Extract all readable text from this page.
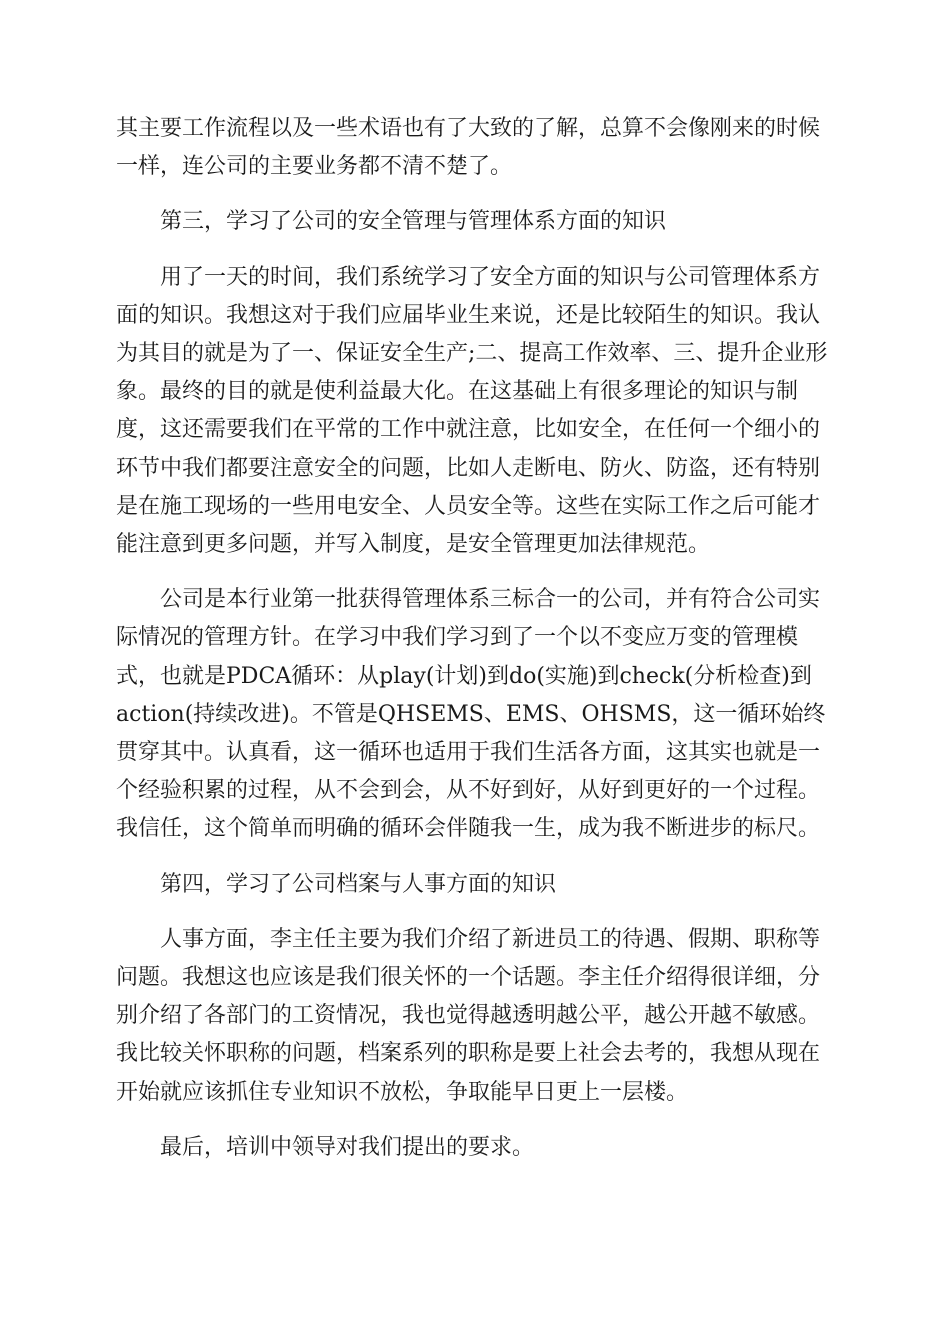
其主要工作流程以及一些术语也有了大致的了解，总算不会像刚来的时候一样，连公司的主要业务都不清不楚了。
第三，学习了公司的安全管理与管理体系方面的知识
用了一天的时间，我们系统学习了安全方面的知识与公司管理体系方面的知识。我想这对于我们应届毕业生来说，还是比较陌生的知识。我认为其目的就是为了一、保证安全生产;二、提高工作效率、三、提升企业形象。最终的目的就是使利益最大化。在这基础上有很多理论的知识与制度，这还需要我们在平常的工作中就注意，比如安全，在任何一个细小的环节中我们都要注意安全的问题，比如人走断电、防火、防盗，还有特别是在施工现场的一些用电安全、人员安全等。这些在实际工作之后可能才能注意到更多问题，并写入制度，是安全管理更加法律规范。
公司是本行业第一批获得管理体系三标合一的公司，并有符合公司实际情况的管理方针。在学习中我们学习到了一个以不变应万变的管理模式，也就是PDCA循环：从play(计划)到do(实施)到check(分析检查)到action(持续改进)。不管是QHSEMS、EMS、OHSMS，这一循环始终贯穿其中。认真看，这一循环也适用于我们生活各方面，这其实也就是一个经验积累的过程，从不会到会，从不好到好，从好到更好的一个过程。我信任，这个简单而明确的循环会伴随我一生，成为我不断进步的标尺。
第四，学习了公司档案与人事方面的知识
人事方面，李主任主要为我们介绍了新进员工的待遇、假期、职称等问题。我想这也应该是我们很关怀的一个话题。李主任介绍得很详细，分别介绍了各部门的工资情况，我也觉得越透明越公平，越公开越不敏感。我比较关怀职称的问题，档案系列的职称是要上社会去考的，我想从现在开始就应该抓住专业知识不放松，争取能早日更上一层楼。
最后，培训中领导对我们提出的要求。
